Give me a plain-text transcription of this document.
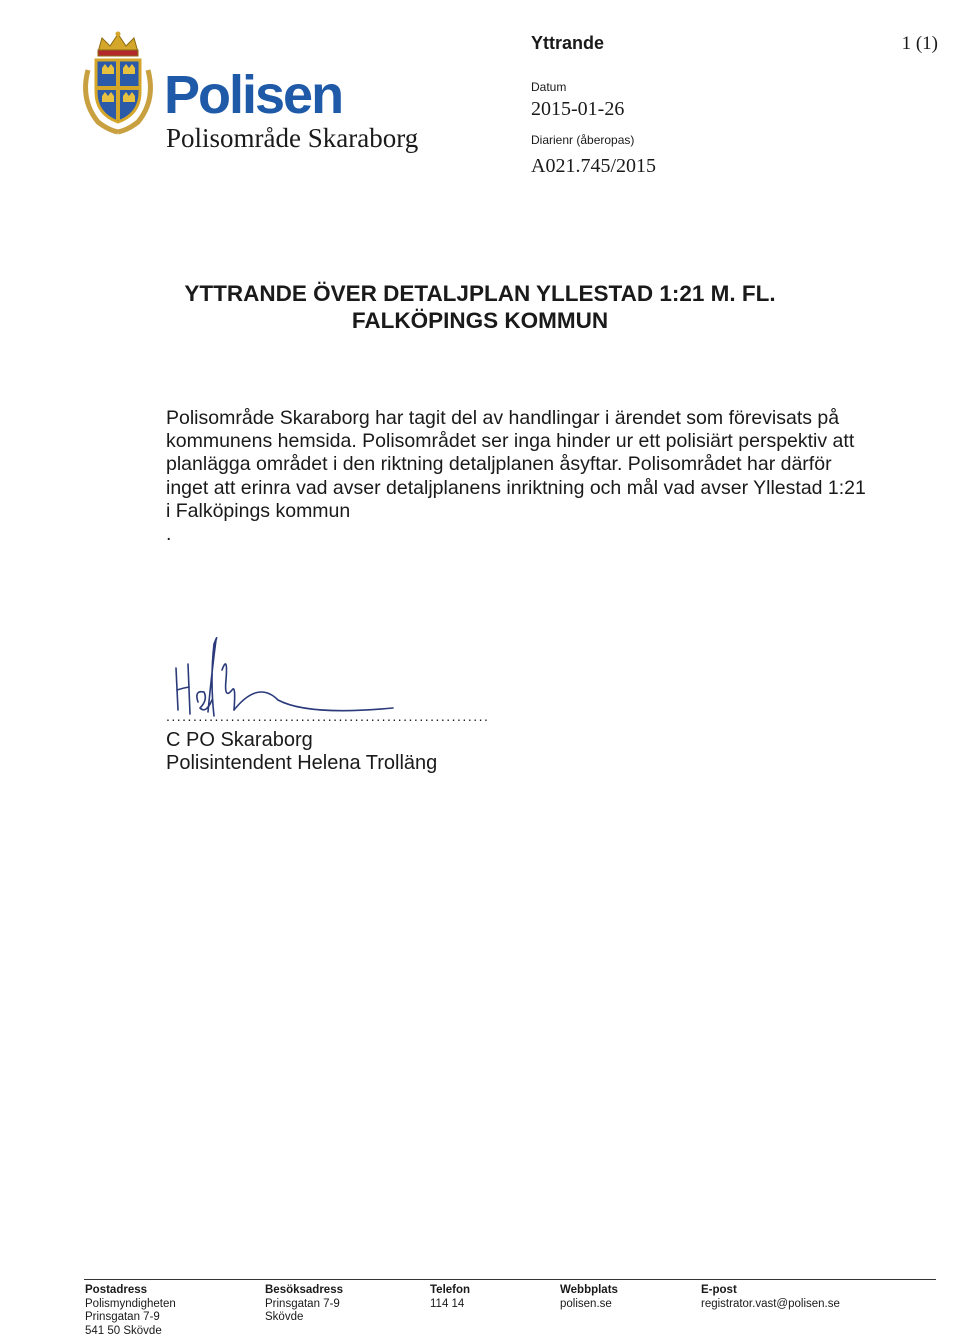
Polisen
Polisområde Skaraborg
Yttrande	1 (1)
Datum
2015-01-26
Diarienr (åberopas)
A021.745/2015
YTTRANDE ÖVER DETALJPLAN YLLESTAD 1:21 M. FL.
FALKÖPINGS KOMMUN
Polisområde Skaraborg har tagit del av handlingar i ärendet som förevisats på
kommunens hemsida. Polisområdet ser inga hinder ur ett polisiärt perspektiv att
planlägga området i den riktning detaljplanen åsyftar. Polisområdet har därför
inget att erinra vad avser detaljplanens inriktning och mål vad avser Yllestad 1:21
i Falköpings kommun
.
............................................................
C PO Skaraborg
Polisintendent Helena Trolläng
Postadress
Polismyndigheten
Prinsgatan 7-9
541 50 Skövde
Besöksadress
Prinsgatan 7-9
Skövde
Telefon
114 14
Webbplats
polisen.se
E-post
registrator.vast@polisen.se
